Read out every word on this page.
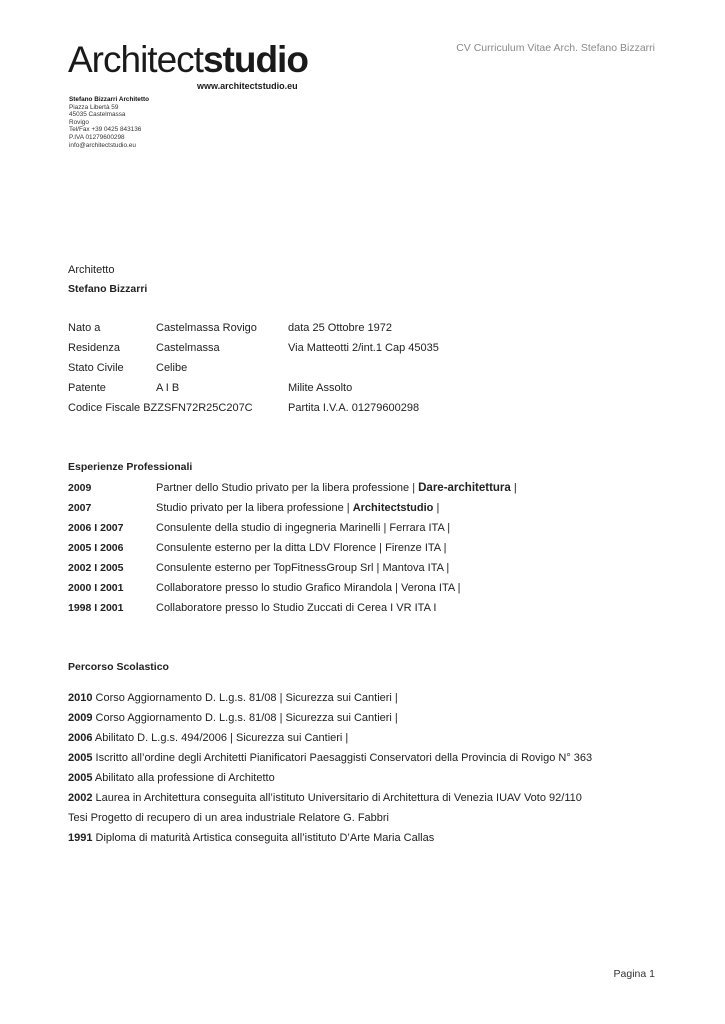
CV Curriculum Vitae Arch. Stefano Bizzarri
Architectstudio
www.architectstudio.eu
Stefano Bizzarri Architetto
Piazza Libertà 59
45035 Castelmassa
Rovigo
Tel/Fax +39 0425 843136
P.IVA 01279600298
info@architectstudio.eu
Architetto
Stefano Bizzarri
Nato a	Castelmassa Rovigo	data 25 Ottobre 1972
Residenza	Castelmassa	Via Matteotti 2/int.1 Cap 45035
Stato Civile	Celibe
Patente	A I B	Milite Assolto
Codice Fiscale BZZSFN72R25C207C	Partita I.V.A. 01279600298
Esperienze Professionali
2009	Partner dello Studio privato per la libera professione | Dare-architettura |
2007	Studio privato per la libera professione | Architectstudio |
2006 I 2007	Consulente della studio di ingegneria Marinelli | Ferrara ITA |
2005 I 2006	Consulente esterno per la ditta LDV Florence | Firenze ITA |
2002 I 2005	Consulente esterno per TopFitnessGroup Srl | Mantova ITA |
2000 I 2001	Collaboratore presso lo studio Grafico Mirandola | Verona ITA |
1998 I 2001	Collaboratore presso lo Studio Zuccati di Cerea I VR ITA I
Percorso Scolastico
2010 Corso Aggiornamento D. L.g.s. 81/08 | Sicurezza sui Cantieri |
2009 Corso Aggiornamento D. L.g.s. 81/08 | Sicurezza sui Cantieri |
2006 Abilitato D. L.g.s. 494/2006 | Sicurezza sui Cantieri |
2005 Iscritto all’ordine degli Architetti Pianificatori Paesaggisti Conservatori della Provincia di Rovigo N° 363
2005 Abilitato alla professione di Architetto
2002 Laurea in Architettura conseguita all’istituto Universitario di Architettura di Venezia IUAV Voto 92/110
Tesi Progetto di recupero di un area industriale Relatore G. Fabbri
1991 Diploma di maturità Artistica conseguita all’istituto D’Arte Maria Callas
Pagina 1
